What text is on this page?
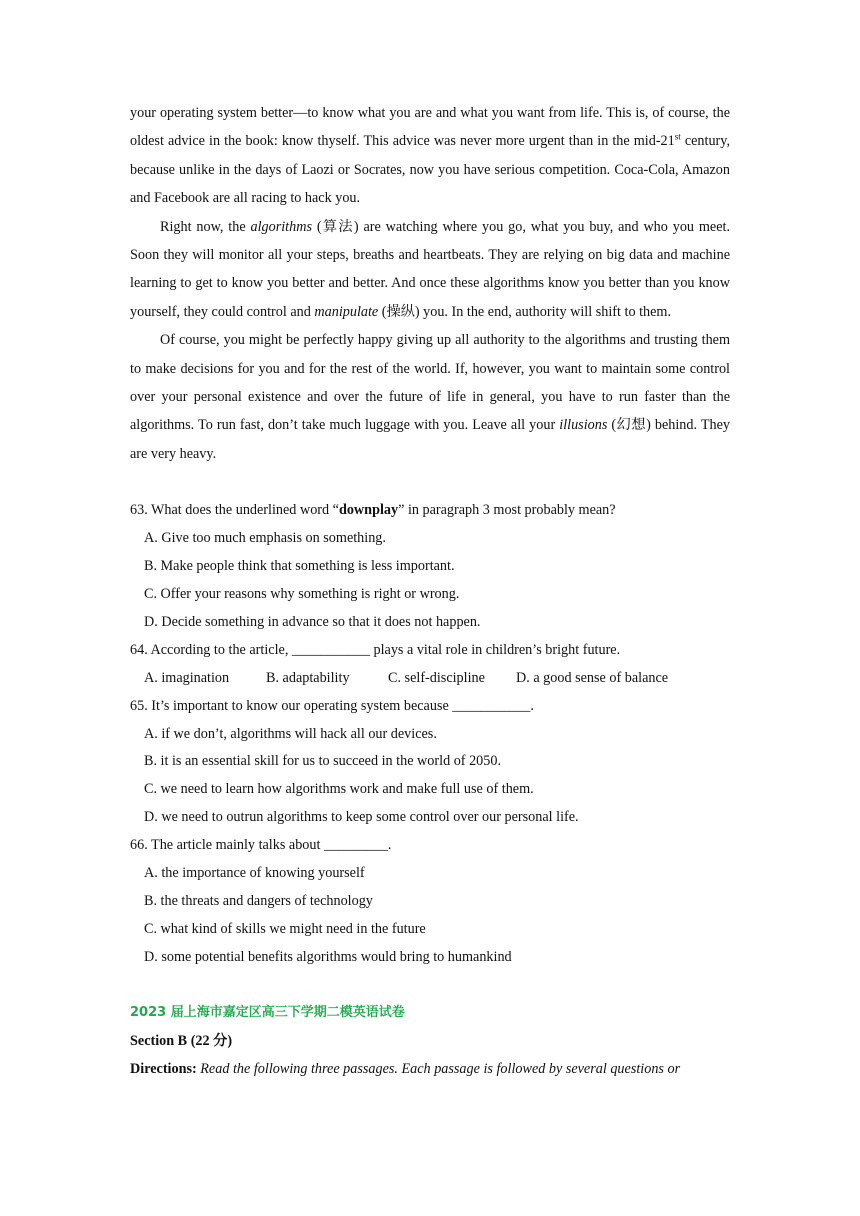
your operating system better—to know what you are and what you want from life. This is, of course, the oldest advice in the book: know thyself. This advice was never more urgent than in the mid-21st century, because unlike in the days of Laozi or Socrates, now you have serious competition. Coca-Cola, Amazon and Facebook are all racing to hack you.

Right now, the algorithms (算法) are watching where you go, what you buy, and who you meet. Soon they will monitor all your steps, breaths and heartbeats. They are relying on big data and machine learning to get to know you better and better. And once these algorithms know you better than you know yourself, they could control and manipulate (操纵) you. In the end, authority will shift to them.

Of course, you might be perfectly happy giving up all authority to the algorithms and trusting them to make decisions for you and for the rest of the world. If, however, you want to maintain some control over your personal existence and over the future of life in general, you have to run faster than the algorithms. To run fast, don’t take much luggage with you. Leave all your illusions (幻想) behind. They are very heavy.

63. What does the underlined word “downplay” in paragraph 3 most probably mean?
A. Give too much emphasis on something.
B. Make people think that something is less important.
C. Offer your reasons why something is right or wrong.
D. Decide something in advance so that it does not happen.
64. According to the article, ___________ plays a vital role in children’s bright future.
A. imagination	B. adaptability	C. self-discipline	D. a good sense of balance
65. It’s important to know our operating system because ___________.
A. if we don’t, algorithms will hack all our devices.
B. it is an essential skill for us to succeed in the world of 2050.
C. we need to learn how algorithms work and make full use of them.
D. we need to outrun algorithms to keep some control over our personal life.
66. The article mainly talks about _________.
A. the importance of knowing yourself
B. the threats and dangers of technology
C. what kind of skills we might need in the future
D. some potential benefits algorithms would bring to humankind
2023 届上海市嘉定区高三下学期二模英语试卷
Section B (22 分)
Directions: Read the following three passages. Each passage is followed by several questions or
